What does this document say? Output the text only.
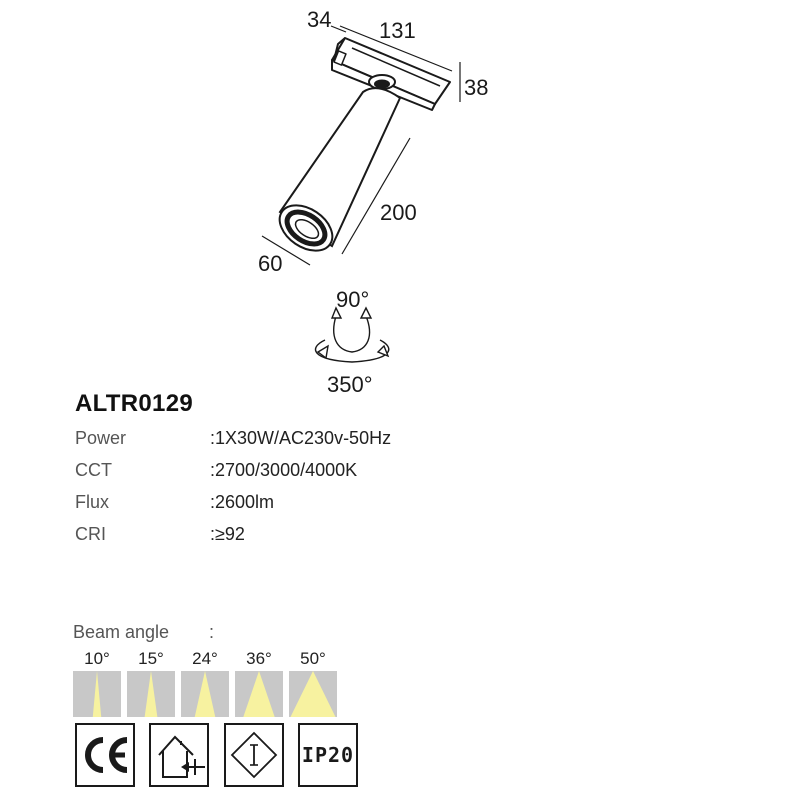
34 131
38
200
60
90°
350°
ALTR0129
Power	:1X30W/AC230v-50Hz
CCT	:2700/3000/4000K
Flux	:2600lm
CRI	:≥92
Beam angle :
10°	15°	24°	36°	50°
IP20
